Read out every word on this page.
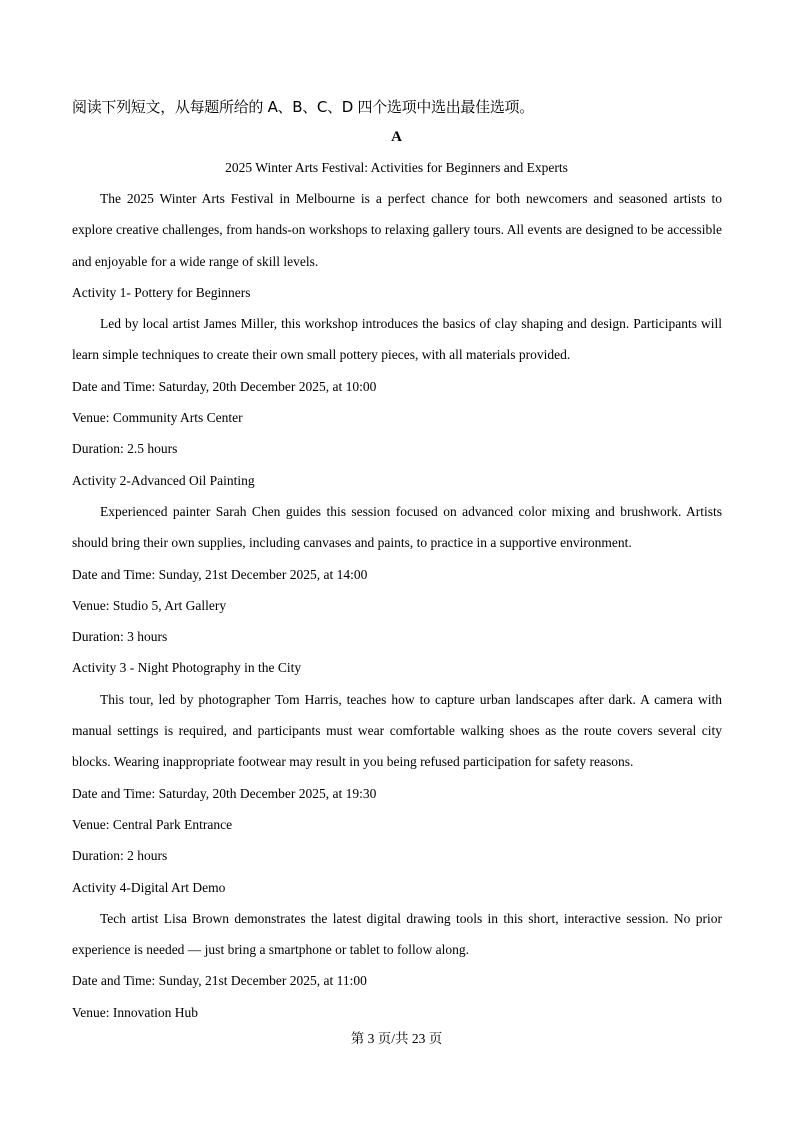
阅读下列短文，从每题所给的 A、B、C、D 四个选项中选出最佳选项。
A
2025 Winter Arts Festival: Activities for Beginners and Experts

The 2025 Winter Arts Festival in Melbourne is a perfect chance for both newcomers and seasoned artists to explore creative challenges, from hands-on workshops to relaxing gallery tours. All events are designed to be accessible and enjoyable for a wide range of skill levels.

Activity 1- Pottery for Beginners

Led by local artist James Miller, this workshop introduces the basics of clay shaping and design. Participants will learn simple techniques to create their own small pottery pieces, with all materials provided.

Date and Time: Saturday, 20th December 2025, at 10:00

Venue: Community Arts Center

Duration: 2.5 hours

Activity 2-Advanced Oil Painting

Experienced painter Sarah Chen guides this session focused on advanced color mixing and brushwork. Artists should bring their own supplies, including canvases and paints, to practice in a supportive environment.

Date and Time: Sunday, 21st December 2025, at 14:00

Venue: Studio 5, Art Gallery

Duration: 3 hours

Activity 3 - Night Photography in the City

This tour, led by photographer Tom Harris, teaches how to capture urban landscapes after dark. A camera with manual settings is required, and participants must wear comfortable walking shoes as the route covers several city blocks. Wearing inappropriate footwear may result in you being refused participation for safety reasons.

Date and Time: Saturday, 20th December 2025, at 19:30

Venue: Central Park Entrance

Duration: 2 hours

Activity 4-Digital Art Demo

Tech artist Lisa Brown demonstrates the latest digital drawing tools in this short, interactive session. No prior experience is needed — just bring a smartphone or tablet to follow along.

Date and Time: Sunday, 21st December 2025, at 11:00

Venue: Innovation Hub

第 3 页/共 23 页
